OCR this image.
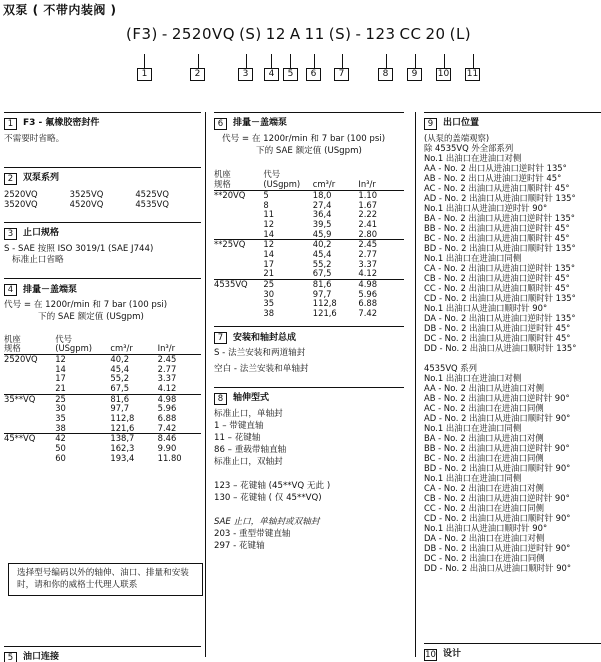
双泵 ( 不带内装阀 )
(F3) - 2520VQ (S) 12 A 11 (S) - 123 CC 20 (L)
1	2	3	4	5	6	7	8	9	10 11
1	F3 - 氟橡胶密封件
不需要时省略。
2	双泵系列
2520VQ	3525VQ	4525VQ
3520VQ	4520VQ	4535VQ
3	止口规格
S - SAE 按照 ISO 3019/1 (SAE J744)
标准止口省略
4	排量－盖端泵
代号 = 在 1200r/min 和 7 bar (100 psi)
下的 SAE 额定值 (USgpm)
机座
规格	代号
(USgpm)	cm³/r	In³/r
2520VQ	12	40,2	2.45
	14	45,4	2.77
	17	55,2	3.37
	21	67,5	4.12
35**VQ	25	81,6	4.98
	30	97,7	5.96
	35	112,8	6.88
	38	121,6	7.42
45**VQ	42	138,7	8.46
	50	162,3	9.90
	60	193,4	11.80
选择型号编码以外的轴伸、油口、排量和安装时，请和你的威格士代理人联系
5	油口连接
6	排量－盖端泵
代号 = 在 1200r/min 和 7 bar (100 psi)
下的 SAE 额定值 (USgpm)
机座
规格	代号
(USgpm)	cm³/r	In³/r
**20VQ	5	18,0	1.10
	8	27,4	1.67
	11	36,4	2.22
	12	39,5	2.41
	14	45,9	2.80
**25VQ	12	40,2	2.45
	14	45,4	2.77
	17	55,2	3.37
	21	67,5	4.12
4535VQ	25	81,6	4.98
	30	97,7	5.96
	35	112,8	6.88
	38	121,6	7.42
7	安装和轴封总成
S - 法兰安装和两道轴封
空白 - 法兰安装和单轴封
8	轴伸型式
标准止口，单轴封
1 – 带键直轴
11 – 花键轴
86 – 重载带轴直轴
标准止口，双轴封
123 – 花键轴 (45**VQ 无此 )
130 – 花键轴 ( 仅 45**VQ)
SAE 止口，单轴封或双轴封
203 - 重型带键直轴
297 - 花键轴
9	出口位置
(从泵的盖端观察)
除 4535VQ 外全部系列
No.1 出油口在进油口对侧
AA - No. 2 出口从进油口逆时针 135°
AB - No. 2 出口从进油口逆时针 45°
AC - No. 2 出油口从进油口顺时针 45°
AD - No. 2 出油口从进油口顺时针 135°
No.1 出油口从进油口逆时针 90°
BA - No. 2 出油口从进油口逆时针 135°
BB - No. 2 出油口从进油口逆时针 45°
BC - No. 2 出油口从进油口顺时针 45°
BD - No. 2 出油口从进油口顺时针 135°
No.1 出油口在进油口同侧
CA - No. 2 出油口从进油口逆时针 135°
CB - No. 2 出油口从进油口逆时针 45°
CC - No. 2 出油口从进油口顺时针 45°
CD - No. 2 出油口从进油口顺时针 135°
No.1 出油口从进油口顺时针 90°
DA - No. 2 出油口从进油口逆时针 135°
DB - No. 2 出油口从进油口逆时针 45°
DC - No. 2 出油口从进油口顺时针 45°
DD - No. 2 出油口从进油口顺时针 135°
4535VQ 系列
No.1 出油口在进油口对侧
AA - No. 2 出油口从进油口对侧
AB - No. 2 出油口从进油口逆时针 90°
AC - No. 2 出油口在进油口同侧
AD - No. 2 出油口从进油口顺时针 90°
No.1 出油口在进油口同侧
BA - No. 2 出油口从进油口对侧
BB - No. 2 出油口从进油口逆时针 90°
BC - No. 2 出油口在进油口同侧
BD - No. 2 出油口从进油口顺时针 90°
No.1 出油口在进油口同侧
CA - No. 2 出油口在进油口对侧
CB - No. 2 出油口从进油口逆时针 90°
CC - No. 2 出油口在进油口同侧
CD - No. 2 出油口从进油口顺时针 90°
No.1 出油口从进油口顺时针 90°
DA - No. 2 出油口在进油口对侧
DB - No. 2 出油口从进油口逆时针 90°
DC - No. 2 出油口在进油口同侧
DD - No. 2 出油口从进油口顺时针 90°
10 设计
